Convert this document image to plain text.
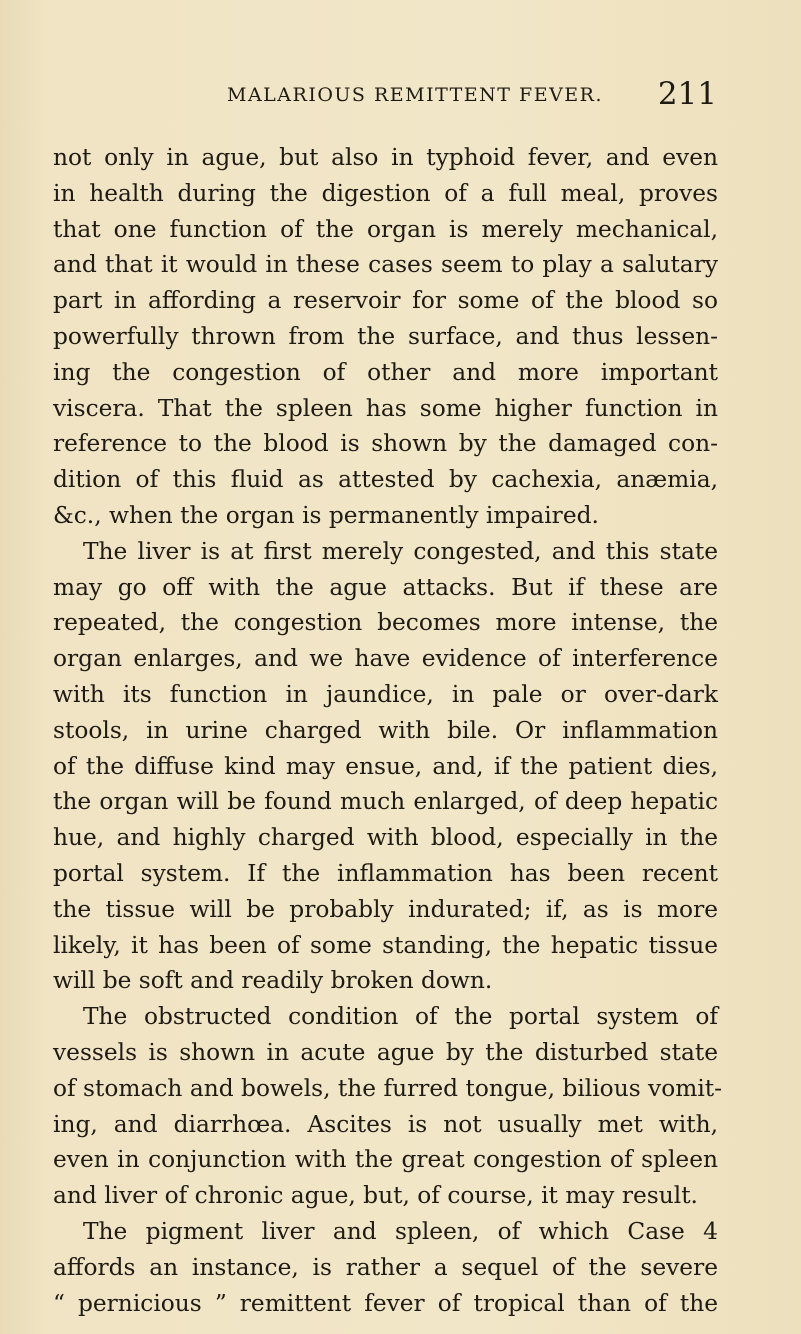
MALARIOUS REMITTENT FEVER. 211
not only in ague, but also in typhoid fever, and even
in health during the digestion of a full meal, proves
that one function of the organ is merely mechanical,
and that it would in these cases seem to play a salutary
part in affording a reservoir for some of the blood so
powerfully thrown from the surface, and thus lessen-
ing the congestion of other and more important
viscera. That the spleen has some higher function in
reference to the blood is shown by the damaged con-
dition of this fluid as attested by cachexia, anæmia,
&c., when the organ is permanently impaired.
The liver is at first merely congested, and this state
may go off with the ague attacks. But if these are
repeated, the congestion becomes more intense, the
organ enlarges, and we have evidence of interference
with its function in jaundice, in pale or over-dark
stools, in urine charged with bile. Or inflammation
of the diffuse kind may ensue, and, if the patient dies,
the organ will be found much enlarged, of deep hepatic
hue, and highly charged with blood, especially in the
portal system. If the inflammation has been recent
the tissue will be probably indurated; if, as is more
likely, it has been of some standing, the hepatic tissue
will be soft and readily broken down.
The obstructed condition of the portal system of
vessels is shown in acute ague by the disturbed state
of stomach and bowels, the furred tongue, bilious vomit-
ing, and diarrhœa. Ascites is not usually met with,
even in conjunction with the great congestion of spleen
and liver of chronic ague, but, of course, it may result.
The pigment liver and spleen, of which Case 4
affords an instance, is rather a sequel of the severe
“ pernicious ” remittent fever of tropical than of the
